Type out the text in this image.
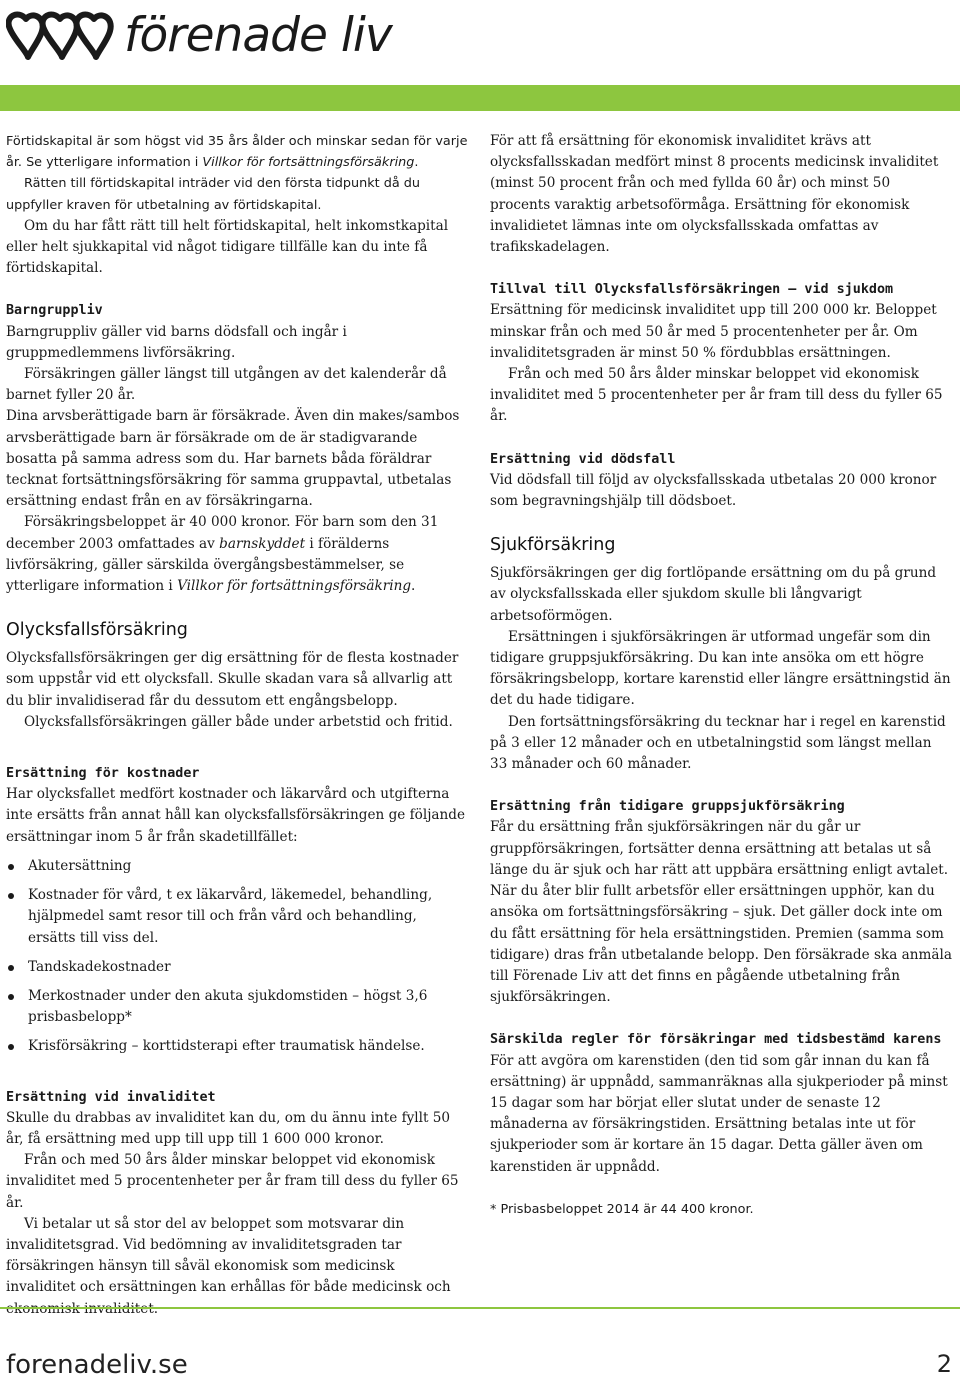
förenade liv

Förtidskapital är som högst vid 35 års ålder och minskar sedan för varje år. Se ytterligare information i Villkor för fortsättningsförsäkring.

Rätten till förtidskapital inträder vid den första tidpunkt då du uppfyller kraven för utbetalning av förtidskapital.

Om du har fått rätt till helt förtidskapital, helt inkomstkapital eller helt sjukkapital vid något tidigare tillfälle kan du inte få förtidskapital.

Barngruppliv

Barngruppliv gäller vid barns dödsfall och ingår i gruppmedlemmens livförsäkring.

Försäkringen gäller längst till utgången av det kalenderår då barnet fyller 20 år.

Dina arvsberättigade barn är försäkrade. Även din makes/sambos arvsberättigade barn är försäkrade om de är stadigvarande bosatta på samma adress som du. Har barnets båda föräldrar tecknat fortsättningsförsäkring för samma gruppavtal, utbetalas ersättning endast från en av försäkringarna.

Försäkringsbeloppet är 40 000 kronor. För barn som den 31 december 2003 omfattades av barnskyddet i förälderns livförsäkring, gäller särskilda övergångsbestämmelser, se ytterligare information i Villkor för fortsättningsförsäkring.

Olycksfallsförsäkring

Olycksfallsförsäkringen ger dig ersättning för de flesta kostnader som uppstår vid ett olycksfall. Skulle skadan vara så allvarlig att du blir invalidiserad får du dessutom ett engångsbelopp.

Olycksfallsförsäkringen gäller både under arbetstid och fritid.

Ersättning för kostnader

Har olycksfallet medfört kostnader och läkarvård och utgifterna inte ersätts från annat håll kan olycksfallsförsäkringen ge följande ersättningar inom 5 år från skadetillfället:

Akutersättning
Kostnader för vård, t ex läkarvård, läkemedel, behandling, hjälpmedel samt resor till och från vård och behandling, ersätts till viss del.
Tandskadekostnader
Merkostnader under den akuta sjukdomstiden – högst 3,6 prisbasbelopp*
Krisförsäkring – korttidsterapi efter traumatisk händelse.
Ersättning vid invaliditet

Skulle du drabbas av invaliditet kan du, om du ännu inte fyllt 50 år, få ersättning med upp till upp till 1 600 000 kronor.

Från och med 50 års ålder minskar beloppet vid ekonomisk invaliditet med 5 procentenheter per år fram till dess du fyller 65 år.

Vi betalar ut så stor del av beloppet som motsvarar din invaliditetsgrad. Vid bedömning av invaliditetsgraden tar försäkringen hänsyn till såväl ekonomisk som medicinsk invaliditet och ersättningen kan erhållas för både medicinsk och

För att få ersättning för ekonomisk invaliditet krävs att olycksfallsskadan medfört minst 8 procents medicinsk invaliditet (minst 50 procent från och med fyllda 60 år) och minst 50 procents varaktig arbetsoförmåga. Ersättning för ekonomisk invalidietet lämnas inte om olycksfallsskada omfattas av trafikskadelagen.

Tillval till Olycksfallsförsäkringen – vid sjukdom

Ersättning för medicinsk invaliditet upp till 200 000 kr. Beloppet minskar från och med 50 år med 5 procentenheter per år. Om invaliditetsgraden är minst 50 % fördubblas ersättningen.

Från och med 50 års ålder minskar beloppet vid ekonomisk invaliditet med 5 procentenheter per år fram till dess du fyller 65 år.

Ersättning vid dödsfall

Vid dödsfall till följd av olycksfallsskada utbetalas 20 000 kronor som begravningshjälp till dödsboet.

Sjukförsäkring

Sjukförsäkringen ger dig fortlöpande ersättning om du på grund av olycksfallsskada eller sjukdom skulle bli långvarigt arbetsoförmögen.

Ersättningen i sjukförsäkringen är utformad ungefär som din tidigare gruppsjukförsäkring. Du kan inte ansöka om ett högre försäkringsbelopp, kortare karenstid eller längre ersättningstid än det du hade tidigare.

Den fortsättningsförsäkring du tecknar har i regel en karenstid på 3 eller 12 månader och en utbetalningstid som längst mellan 33 månader och 60 månader.

Ersättning från tidigare gruppsjukförsäkring

Får du ersättning från sjukförsäkringen när du går ur gruppförsäkringen, fortsätter denna ersättning att betalas ut så länge du är sjuk och har rätt att uppbära ersättning enligt avtalet. När du åter blir fullt arbetsför eller ersättningen upphör, kan du ansöka om fortsättningsförsäkring – sjuk. Det gäller dock inte om du fått ersättning för hela ersättningstiden. Premien (samma som tidigare) dras från utbetalande belopp. Den försäkrade ska anmäla till Förenade Liv att det finns en pågående utbetalning från sjukförsäkringen.

Särskilda regler för försäkringar med tidsbestämd karens

För att avgöra om karenstiden (den tid som går innan du kan få ersättning) är uppnådd, sammanräknas alla sjukperioder på minst 15 dagar som har börjat eller slutat under de senaste 12 månaderna av försäkringstiden. Ersättning betalas inte ut för sjukperioder som är kortare än 15 dagar. Detta gäller även om karenstiden är uppnådd.

* Prisbasbeloppet 2014 är 44 400 kronor.

forenadeliv.se	2
